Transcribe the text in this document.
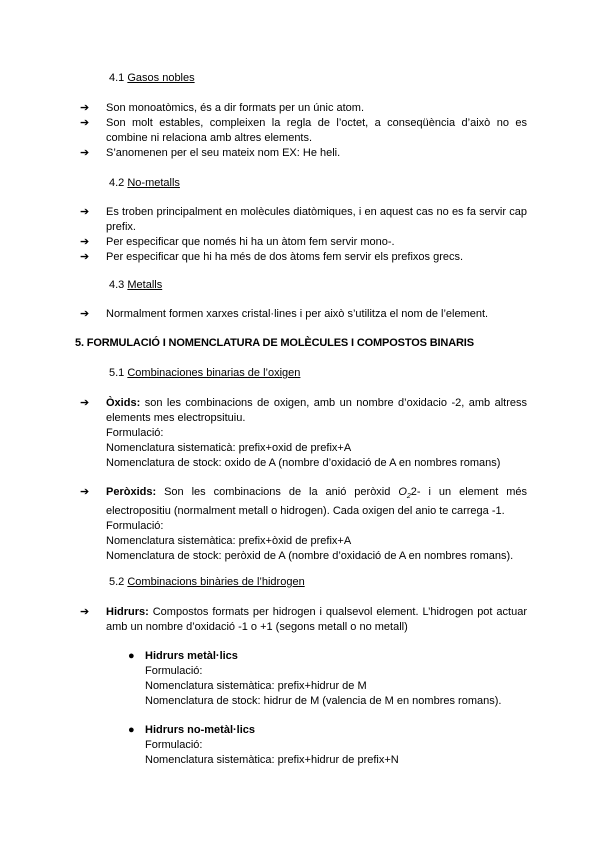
4.1 Gasos nobles
➔	Son monoatòmics, és a dir formats per un únic atom.
➔	Son molt estables, compleixen la regla de l’octet, a conseqüència d’això no es combine ni relaciona amb altres elements.
➔	S’anomenen per el seu mateix nom EX: He heli.
4.2 No-metalls
➔	Es troben principalment en molècules diatòmiques, i en aquest cas no es fa servir cap prefix.
➔	Per especificar que només hi ha un àtom fem servir mono-.
➔	Per especificar que hi ha més de dos àtoms fem servir els prefixos grecs.
4.3 Metalls
➔	Normalment formen xarxes cristal·lines i per això s’utilitza el nom de l’element.
5. FORMULACIÓ I NOMENCLATURA DE MOLÈCULES I COMPOSTOS BINARIS
5.1 Combinaciones binarias de l’oxigen
➔ Òxids: son les combinacions de oxigen, amb un nombre d’oxidacio -2, amb altress elements mes electropsituiu.
Formulació:
Nomenclatura sistematicà: prefix+oxid de prefix+A
Nomenclatura de stock: oxido de A (nombre d’oxidació de A en nombres romans)
➔ Peròxids: Son les combinacions de la anió peròxid $O_22-$ i un element més electropositiu (normalment metall o hidrogen). Cada oxigen del anio te carrega -1.
Formulació:
Nomenclatura sistemàtica: prefix+òxid de prefix+A
Nomenclatura de stock: peròxid de A (nombre d’oxidació de A en nombres romans).
5.2 Combinacions binàries de l’hidrogen
➔ Hidrurs: Compostos formats per hidrogen i qualsevol element. L’hidrogen pot actuar amb un nombre d’oxidació -1 o +1 (segons metall o no metall)
● Hidrurs metàl·lics
Formulació:
Nomenclatura sistemàtica: prefix+hidrur de M
Nomenclatura de stock: hidrur de M (valencia de M en nombres romans).
● Hidrurs no-metàl·lics
Formulació:
Nomenclatura sistemàtica: prefix+hidrur de prefix+N
